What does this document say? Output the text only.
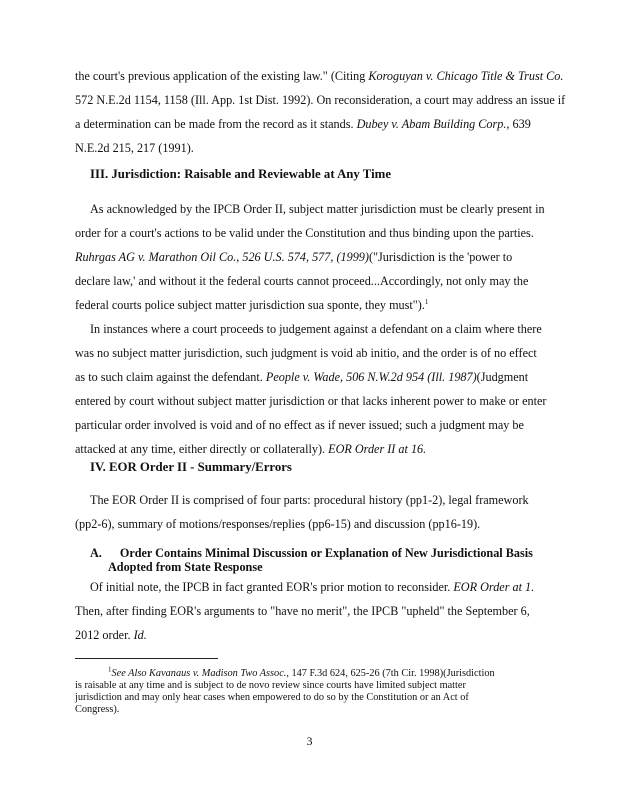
the court's previous application of the existing law." (Citing Koroguyan v. Chicago Title & Trust Co.
572 N.E.2d 1154, 1158 (Ill. App. 1st Dist. 1992). On reconsideration, a court may address an issue if
a determination can be made from the record as it stands. Dubey v. Abam Building Corp., 639
N.E.2d 215, 217 (1991).
III. Jurisdiction: Raisable and Reviewable at Any Time
As acknowledged by the IPCB Order II, subject matter jurisdiction must be clearly present in
order for a court's actions to be valid under the Constitution and thus binding upon the parties.
Ruhrgas AG v. Marathon Oil Co., 526 U.S. 574, 577, (1999)("Jurisdiction is the 'power to
declare law,' and without it the federal courts cannot proceed...Accordingly, not only may the
federal courts police subject matter jurisdiction sua sponte, they must").$^1$
In instances where a court proceeds to judgement against a defendant on a claim where there
was no subject matter jurisdiction, such judgment is void ab initio, and the order is of no effect
as to such claim against the defendant. People v. Wade, 506 N.W.2d 954 (Ill. 1987)(Judgment
entered by court without subject matter jurisdiction or that lacks inherent power to make or enter
particular order involved is void and of no effect as if never issued; such a judgment may be
attacked at any time, either directly or collaterally). EOR Order II at 16.
IV. EOR Order II - Summary/Errors
The EOR Order II is comprised of four parts: procedural history (pp1-2), legal framework
(pp2-6), summary of motions/responses/replies (pp6-15) and discussion (pp16-19).
A. Order Contains Minimal Discussion or Explanation of New Jurisdictional Basis
Adopted from State Response
Of initial note, the IPCB in fact granted EOR's prior motion to reconsider. EOR Order at 1.
Then, after finding EOR's arguments to "have no merit", the IPCB "upheld" the September 6,
2012 order. Id.
$^1$See Also Kavanaus v. Madison Two Assoc., 147 F.3d 624, 625-26 (7th Cir. 1998)(Jurisdiction
is raisable at any time and is subject to de novo review since courts have limited subject matter
jurisdiction and may only hear cases when empowered to do so by the Constitution or an Act of
Congress).
3
